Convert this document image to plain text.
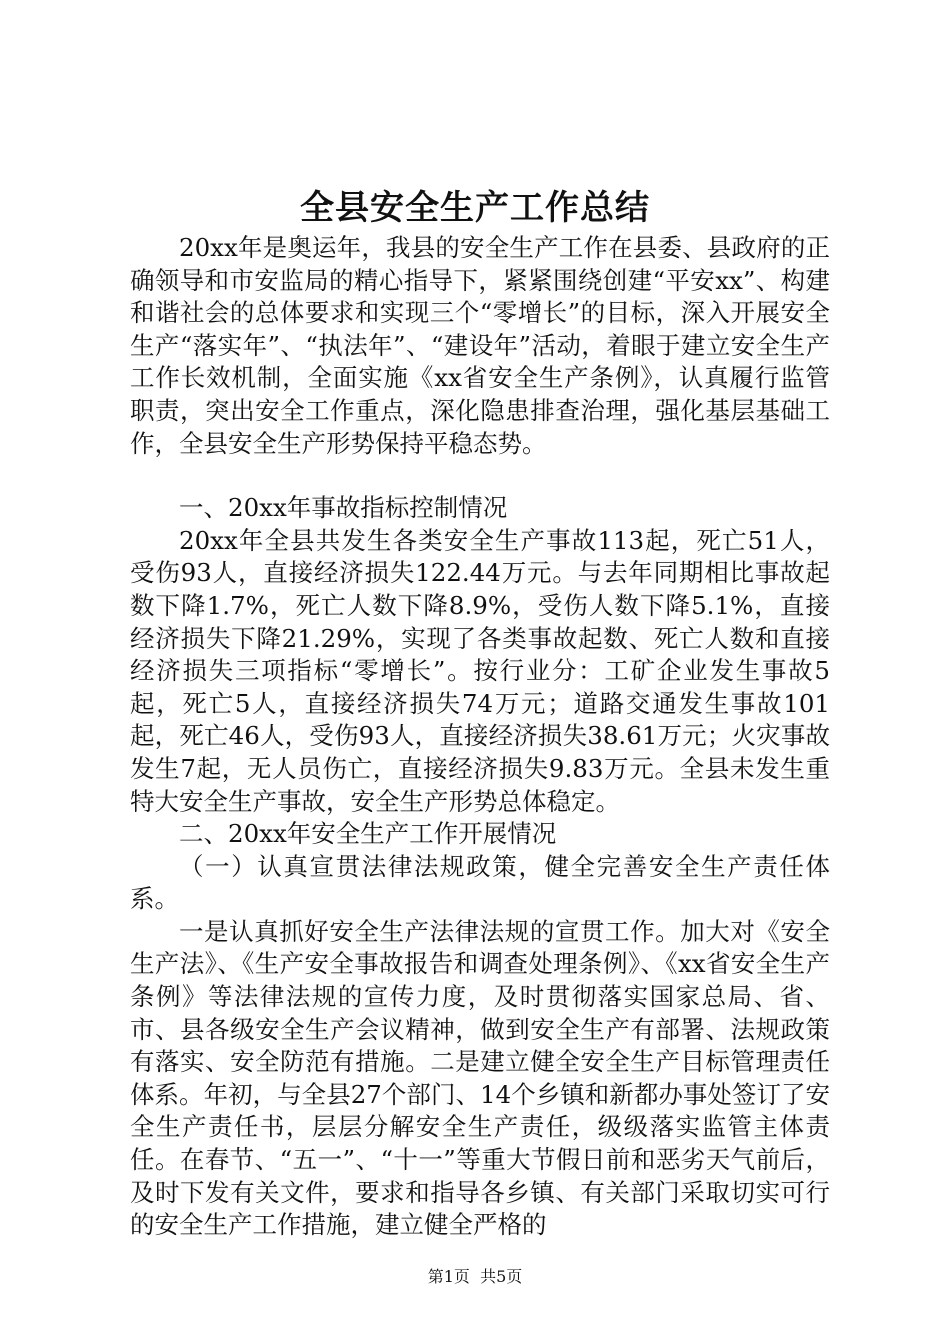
全县安全生产工作总结

20xx年是奥运年，我县的安全生产工作在县委、县政府的正确领导和市安监局的精心指导下，紧紧围绕创建“平安xx”、构建和谐社会的总体要求和实现三个“零增长”的目标，深入开展安全生产“落实年”、“执法年”、“建设年”活动，着眼于建立安全生产工作长效机制，全面实施《xx省安全生产条例》，认真履行监管职责，突出安全工作重点，深化隐患排查治理，强化基层基础工作，全县安全生产形势保持平稳态势。

一、20xx年事故指标控制情况

20xx年全县共发生各类安全生产事故113起，死亡51人，受伤93人，直接经济损失122.44万元。与去年同期相比事故起数下降1.7%，死亡人数下降8.9%，受伤人数下降5.1%，直接经济损失下降21.29%，实现了各类事故起数、死亡人数和直接经济损失三项指标“零增长”。按行业分：工矿企业发生事故5起，死亡5人，直接经济损失74万元；道路交通发生事故101起，死亡46人，受伤93人，直接经济损失38.61万元；火灾事故发生7起，无人员伤亡，直接经济损失9.83万元。全县未发生重特大安全生产事故，安全生产形势总体稳定。

二、20xx年安全生产工作开展情况

（一）认真宣贯法律法规政策，健全完善安全生产责任体系。

一是认真抓好安全生产法律法规的宣贯工作。加大对《安全生产法》、《生产安全事故报告和调查处理条例》、《xx省安全生产条例》等法律法规的宣传力度，及时贯彻落实国家总局、省、市、县各级安全生产会议精神，做到安全生产有部署、法规政策有落实、安全防范有措施。二是建立健全安全生产目标管理责任体系。年初，与全县27个部门、14个乡镇和新都办事处签订了安全生产责任书，层层分解安全生产责任，级级落实监管主体责任。在春节、“五一”、“十一”等重大节假日前和恶劣天气前后，及时下发有关文件，要求和指导各乡镇、有关部门采取切实可行的安全生产工作措施，建立健全严格的

第1页 共5页
